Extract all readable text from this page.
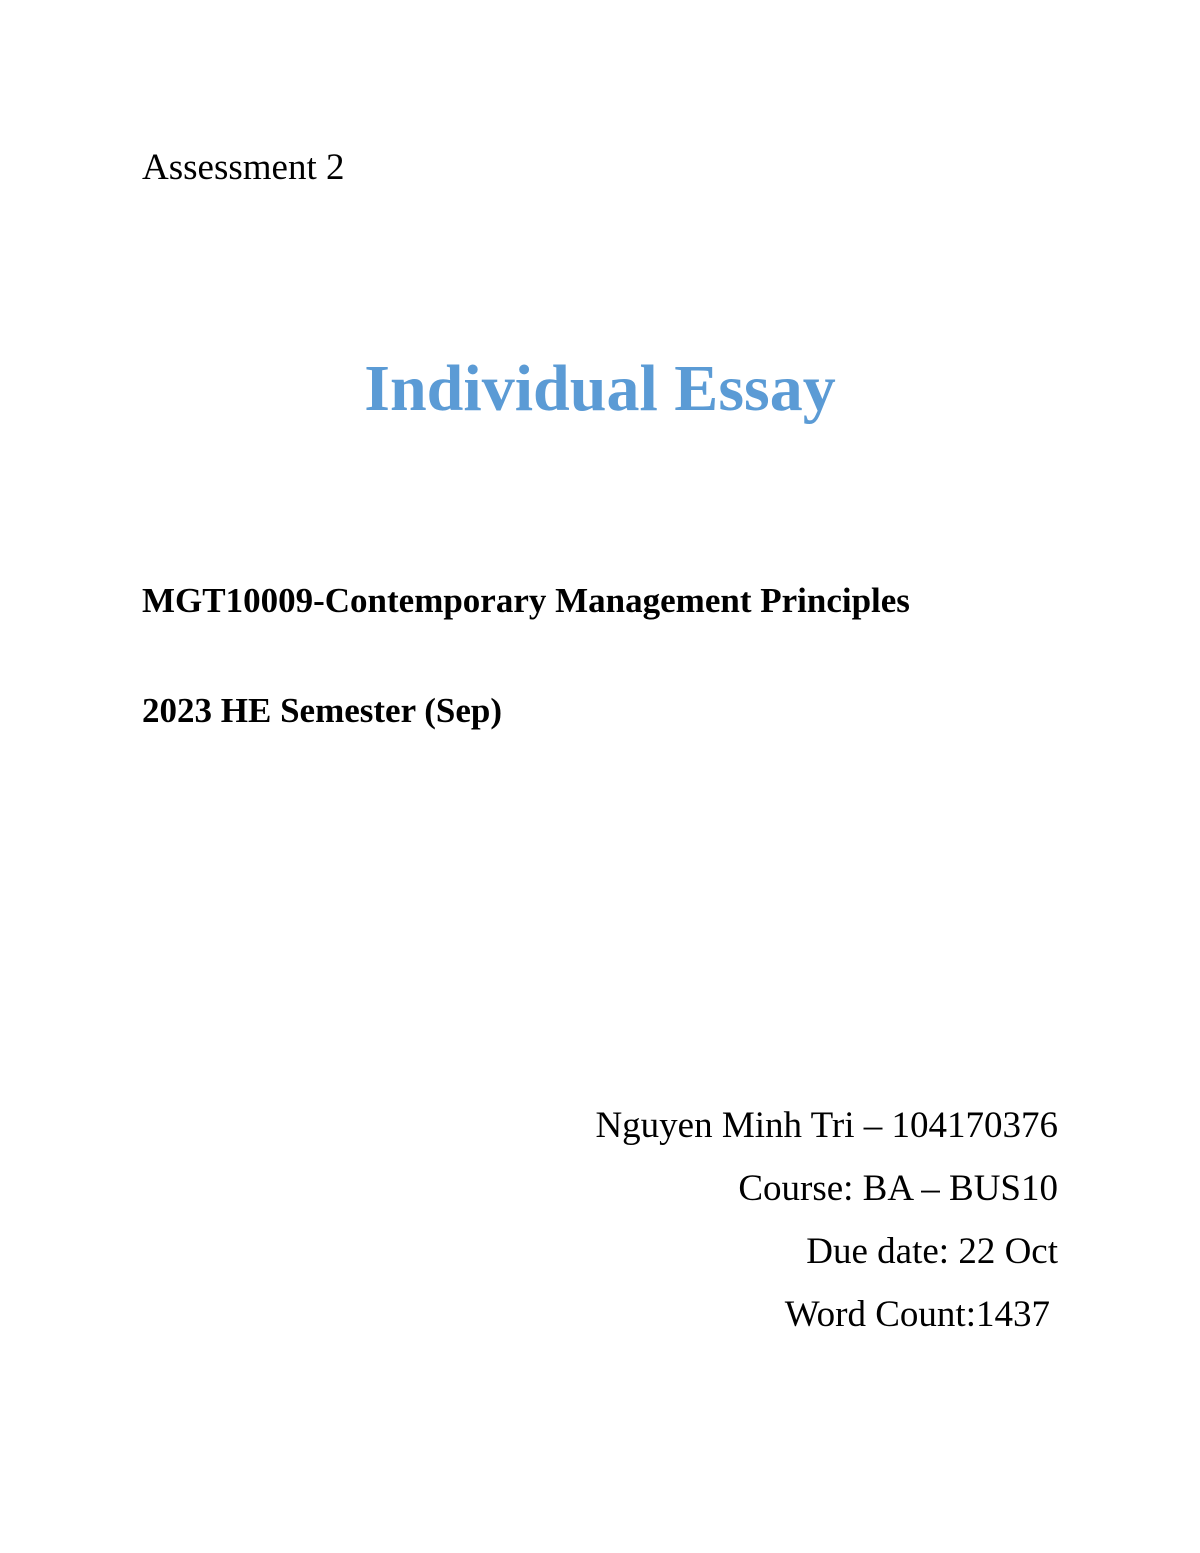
Assessment 2
Individual Essay
MGT10009-Contemporary Management Principles
2023 HE Semester (Sep)
Nguyen Minh Tri – 104170376
Course: BA – BUS10
Due date: 22 Oct
Word Count:1437
